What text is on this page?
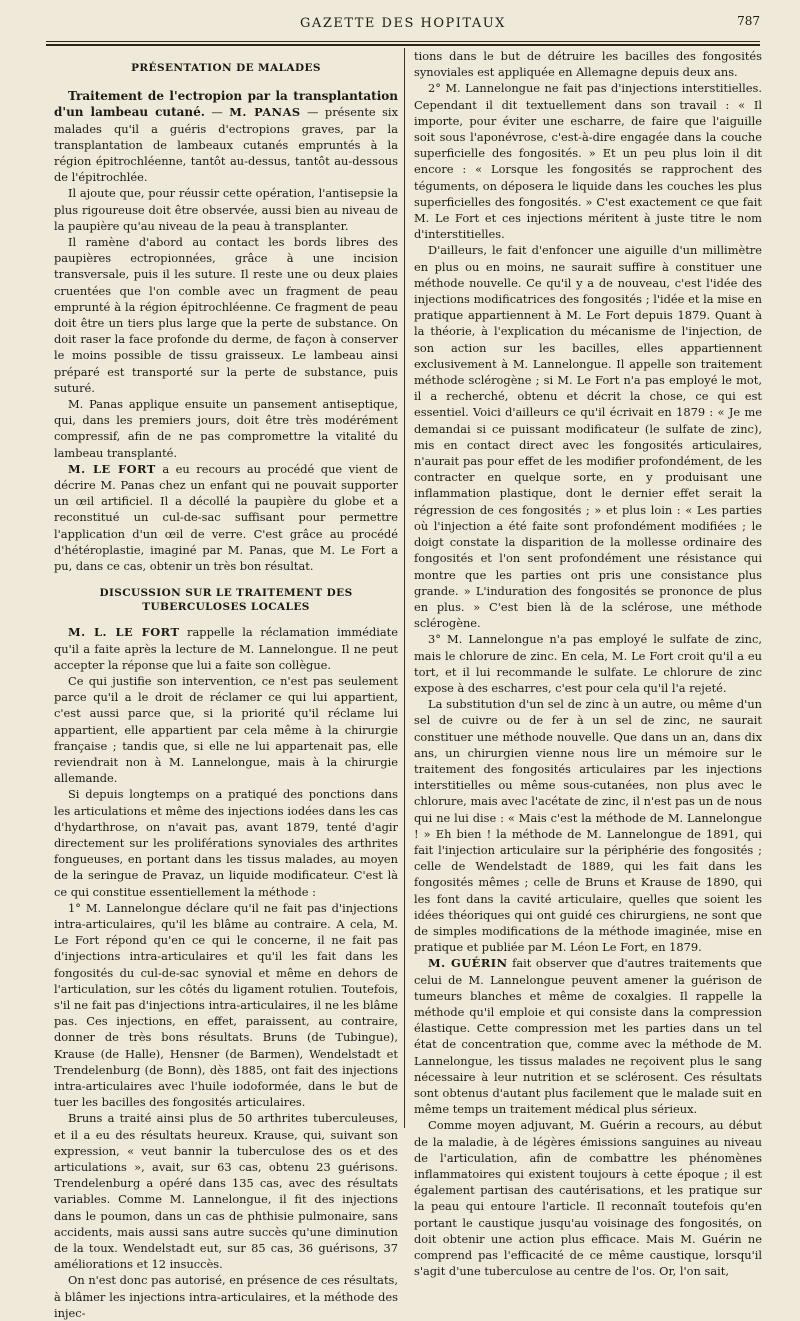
GAZETTE DES HOPITAUX	787
PRÉSENTATION DE MALADES

Traitement de l'ectropion par la transplantation d'un lambeau cutané. — M. PANAS — présente six malades qu'il a guéris d'ectropions graves, par la transplantation de lambeaux cutanés empruntés à la région épitrochléenne, tantôt au-dessus, tantôt au-dessous de l'épitrochlée.

Il ajoute que, pour réussir cette opération, l'antisepsie la plus rigoureuse doit être observée, aussi bien au niveau de la paupière qu'au niveau de la peau à transplanter.

Il ramène d'abord au contact les bords libres des paupières ectropionnées, grâce à une incision transversale, puis il les suture. Il reste une ou deux plaies cruentées que l'on comble avec un fragment de peau emprunté à la région épitrochléenne. Ce fragment de peau doit être un tiers plus large que la perte de substance. On doit raser la face profonde du derme, de façon à conserver le moins possible de tissu graisseux. Le lambeau ainsi préparé est transporté sur la perte de substance, puis suturé.

M. Panas applique ensuite un pansement antiseptique, qui, dans les premiers jours, doit être très modérément compressif, afin de ne pas compromettre la vitalité du lambeau transplanté.

M. LE FORT a eu recours au procédé que vient de décrire M. Panas chez un enfant qui ne pouvait supporter un œil artificiel. Il a décollé la paupière du globe et a reconstitué un cul-de-sac suffisant pour permettre l'application d'un œil de verre. C'est grâce au procédé d'hétéroplastie, imaginé par M. Panas, que M. Le Fort a pu, dans ce cas, obtenir un très bon résultat.

DISCUSSION SUR LE TRAITEMENT DES TUBERCULOSES LOCALES

M. L. LE FORT rappelle la réclamation immédiate qu'il a faite après la lecture de M. Lannelongue. Il ne peut accepter la réponse que lui a faite son collègue.

Ce qui justifie son intervention, ce n'est pas seulement parce qu'il a le droit de réclamer ce qui lui appartient, c'est aussi parce que, si la priorité qu'il réclame lui appartient, elle appartient par cela même à la chirurgie française ; tandis que, si elle ne lui appartenait pas, elle reviendrait non à M. Lannelongue, mais à la chirurgie allemande.

Si depuis longtemps on a pratiqué des ponctions dans les articulations et même des injections iodées dans les cas d'hydarthrose, on n'avait pas, avant 1879, tenté d'agir directement sur les proliférations synoviales des arthrites fongueuses, en portant dans les tissus malades, au moyen de la seringue de Pravaz, un liquide modificateur. C'est là ce qui constitue essentiellement la méthode :

1° M. Lannelongue déclare qu'il ne fait pas d'injections intra-articulaires, qu'il les blâme au contraire. A cela, M. Le Fort répond qu'en ce qui le concerne, il ne fait pas d'injections intra-articulaires et qu'il les fait dans les fongosités du cul-de-sac synovial et même en dehors de l'articulation, sur les côtés du ligament rotulien. Toutefois, s'il ne fait pas d'injections intra-articulaires, il ne les blâme pas. Ces injections, en effet, paraissent, au contraire, donner de très bons résultats. Bruns (de Tubingue), Krause (de Halle), Hensner (de Barmen), Wendelstadt et Trendelenburg (de Bonn), dès 1885, ont fait des injections intra-articulaires avec l'huile iodoformée, dans le but de tuer les bacilles des fongosités articulaires.

Bruns a traité ainsi plus de 50 arthrites tuberculeuses, et il a eu des résultats heureux. Krause, qui, suivant son expression, « veut bannir la tuberculose des os et des articulations », avait, sur 63 cas, obtenu 23 guérisons. Trendelenburg a opéré dans 135 cas, avec des résultats variables. Comme M. Lannelongue, il fit des injections dans le poumon, dans un cas de phthisie pulmonaire, sans accidents, mais aussi sans autre succès qu'une diminution de la toux. Wendelstadt eut, sur 85 cas, 36 guérisons, 37 améliorations et 12 insuccès.

On n'est donc pas autorisé, en présence de ces résultats, à blâmer les injections intra-articulaires, et la méthode des injec-

tions dans le but de détruire les bacilles des fongosités synoviales est appliquée en Allemagne depuis deux ans.

2° M. Lannelongue ne fait pas d'injections interstitielles. Cependant il dit textuellement dans son travail : « Il importe, pour éviter une escharre, de faire que l'aiguille soit sous l'aponévrose, c'est-à-dire engagée dans la couche superficielle des fongosités. » Et un peu plus loin il dit encore : « Lorsque les fongosités se rapprochent des téguments, on déposera le liquide dans les couches les plus superficielles des fongosités. » C'est exactement ce que fait M. Le Fort et ces injections méritent à juste titre le nom d'interstitielles.

D'ailleurs, le fait d'enfoncer une aiguille d'un millimètre en plus ou en moins, ne saurait suffire à constituer une méthode nouvelle. Ce qu'il y a de nouveau, c'est l'idée des injections modificatrices des fongosités ; l'idée et la mise en pratique appartiennent à M. Le Fort depuis 1879. Quant à la théorie, à l'explication du mécanisme de l'injection, de son action sur les bacilles, elles appartiennent exclusivement à M. Lannelongue. Il appelle son traitement méthode sclérogène ; si M. Le Fort n'a pas employé le mot, il a recherché, obtenu et décrit la chose, ce qui est essentiel. Voici d'ailleurs ce qu'il écrivait en 1879 : « Je me demandai si ce puissant modificateur (le sulfate de zinc), mis en contact direct avec les fongosités articulaires, n'aurait pas pour effet de les modifier profondément, de les contracter en quelque sorte, en y produisant une inflammation plastique, dont le dernier effet serait la régression de ces fongosités ; » et plus loin : « Les parties où l'injection a été faite sont profondément modifiées ; le doigt constate la disparition de la mollesse ordinaire des fongosités et l'on sent profondément une résistance qui montre que les parties ont pris une consistance plus grande. » L'induration des fongosités se prononce de plus en plus. » C'est bien là de la sclérose, une méthode sclérogène.

3° M. Lannelongue n'a pas employé le sulfate de zinc, mais le chlorure de zinc. En cela, M. Le Fort croit qu'il a eu tort, et il lui recommande le sulfate. Le chlorure de zinc expose à des escharres, c'est pour cela qu'il l'a rejeté.

La substitution d'un sel de zinc à un autre, ou même d'un sel de cuivre ou de fer à un sel de zinc, ne saurait constituer une méthode nouvelle. Que dans un an, dans dix ans, un chirurgien vienne nous lire un mémoire sur le traitement des fongosités articulaires par les injections interstitielles ou même sous-cutanées, non plus avec le chlorure, mais avec l'acétate de zinc, il n'est pas un de nous qui ne lui dise : « Mais c'est la méthode de M. Lannelongue ! » Eh bien ! la méthode de M. Lannelongue de 1891, qui fait l'injection articulaire sur la périphérie des fongosités ; celle de Wendelstadt de 1889, qui les fait dans les fongosités mêmes ; celle de Bruns et Krause de 1890, qui les font dans la cavité articulaire, quelles que soient les idées théoriques qui ont guidé ces chirurgiens, ne sont que de simples modifications de la méthode imaginée, mise en pratique et publiée par M. Léon Le Fort, en 1879.

M. GUÉRIN fait observer que d'autres traitements que celui de M. Lannelongue peuvent amener la guérison de tumeurs blanches et même de coxalgies. Il rappelle la méthode qu'il emploie et qui consiste dans la compression élastique. Cette compression met les parties dans un tel état de concentration que, comme avec la méthode de M. Lannelongue, les tissus malades ne reçoivent plus le sang nécessaire à leur nutrition et se sclérosent. Ces résultats sont obtenus d'autant plus facilement que le malade suit en même temps un traitement médical plus sérieux.

Comme moyen adjuvant, M. Guérin a recours, au début de la maladie, à de légères émissions sanguines au niveau de l'articulation, afin de combattre les phénomènes inflammatoires qui existent toujours à cette époque ; il est également partisan des cautérisations, et les pratique sur la peau qui entoure l'article. Il reconnaît toutefois qu'en portant le caustique jusqu'au voisinage des fongosités, on doit obtenir une action plus efficace. Mais M. Guérin ne comprend pas l'efficacité de ce même caustique, lorsqu'il s'agit d'une tuberculose au centre de l'os. Or, l'on sait,
